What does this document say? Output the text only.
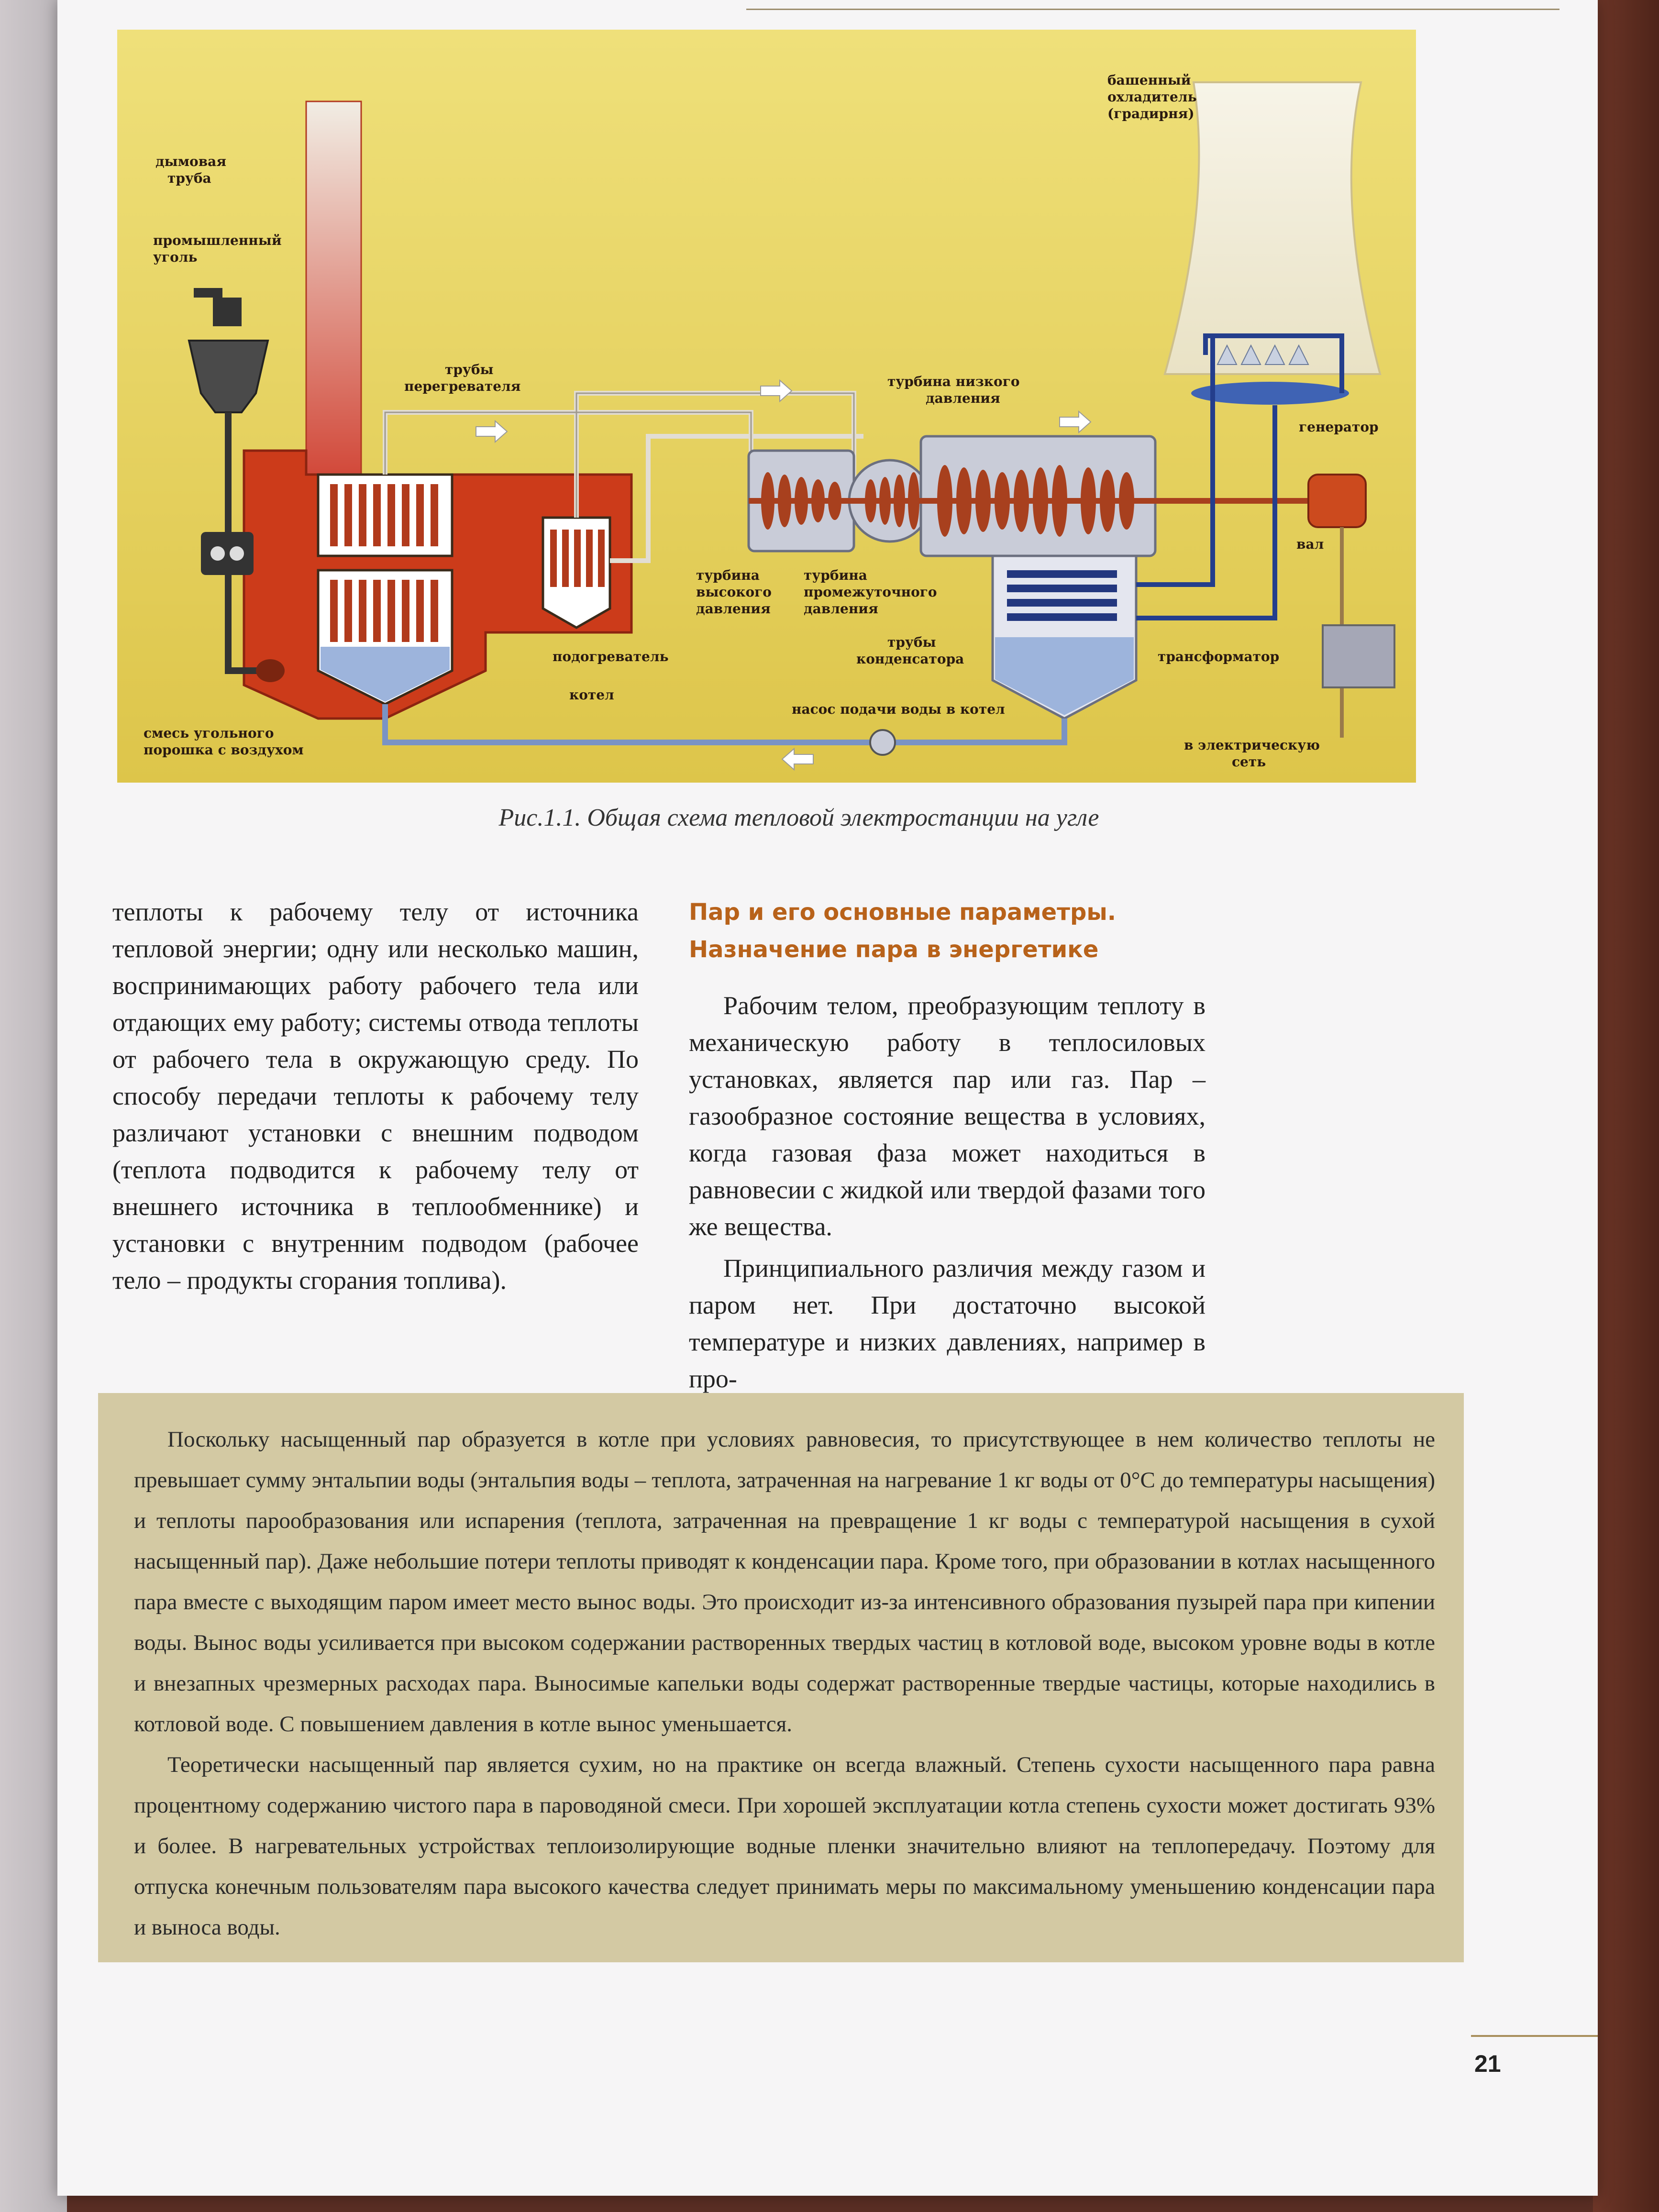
дымовая
труба
промышленный
уголь
смесь угольного
порошка с воздухом
трубы
перегревателя
подогреватель
котел
турбина
высокого
давления
турбина
промежуточного
давления
турбина низкого
давления
трубы
конденсатора
насос подачи воды в котел
башенный
охладитель
(градирня)
генератор
вал
трансформатор
в электрическую
сеть
Рис.1.1. Общая схема тепловой электростанции на угле

теплоты к рабочему телу от источника тепловой энергии; одну или несколько машин, воспринимающих работу рабочего тела или отдающих ему работу; системы отвода теплоты от рабочего тела в окружающую среду. По способу передачи теплоты к рабочему телу различают установки с внешним подводом (теплота подводится к рабочему телу от внешнего источника в теплообменнике) и установки с внутренним подводом (рабочее тело – продукты сгорания топлива).

Пар и его основные параметры.
Назначение пара в энергетике

Рабочим телом, преобразующим теплоту в механическую работу в теплосиловых установках, является пар или газ. Пар – газообразное состояние вещества в условиях, когда газовая фаза может находиться в равновесии с жидкой или твердой фазами того же вещества.

Принципиального различия между газом и паром нет. При достаточно высокой температуре и низких давлениях, например в про-

Поскольку насыщенный пар образуется в котле при условиях равновесия, то присутствующее в нем количество теплоты не превышает сумму энтальпии воды (энтальпия воды – теплота, затраченная на нагревание 1 кг воды от 0°С до температуры насыщения) и теплоты парообразования или испарения (теплота, затраченная на превращение 1 кг воды с температурой насыщения в сухой насыщенный пар). Даже небольшие потери теплоты приводят к конденсации пара. Кроме того, при образовании в котлах насыщенного пара вместе с выходящим паром имеет место вынос воды. Это происходит из-за интенсивного образования пузырей пара при кипении воды. Вынос воды усиливается при высоком содержании растворенных твердых частиц в котловой воде, высоком уровне воды в котле и внезапных чрезмерных расходах пара. Выносимые капельки воды содержат растворенные твердые частицы, которые находились в котловой воде. С повышением давления в котле вынос уменьшается.

Теоретически насыщенный пар является сухим, но на практике он всегда влажный. Степень сухости насыщенного пара равна процентному содержанию чистого пара в пароводяной смеси. При хорошей эксплуатации котла степень сухости может достигать 93% и более. В нагревательных устройствах теплоизолирующие водные пленки значительно влияют на теплопередачу. Поэтому для отпуска конечным пользователям пара высокого качества следует принимать меры по максимальному уменьшению конденсации пара и выноса воды.

21
